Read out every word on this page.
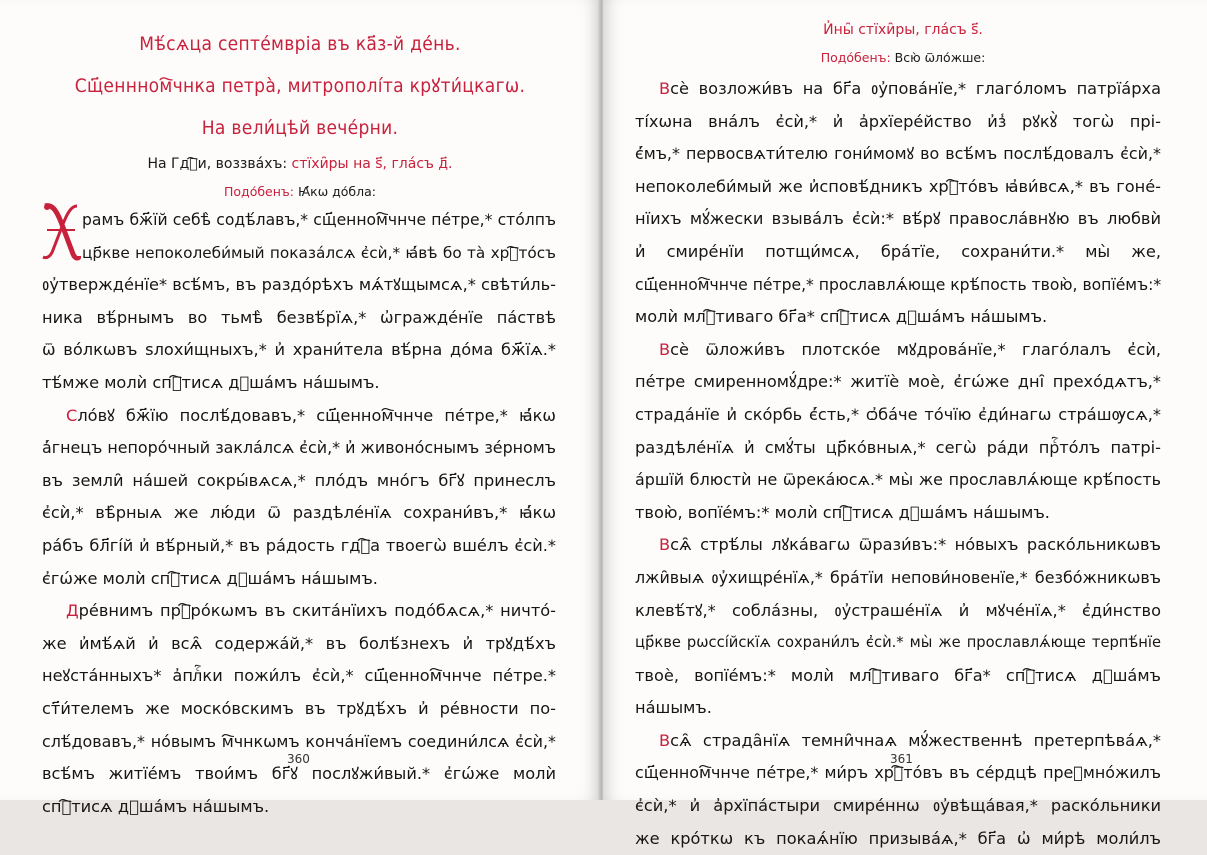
Мѣ́сѧца септе́мвріа въ ка҃з-й де́нь.
Сщ҃еннном҇чнка петра̀, митрополі́та крꙋти́цкагѡ.
На вели́цѣй вече́рни.
На Гдⷭ҇и, воззва́хъ: стїхи̑ры на ѕ҃, гла́съ д҃.
Подо́бенъ: Ꙗ҆́кѡ до́бла:
рамъ бж҃їй себѣ̀ содѣ́лавъ,* сщ҃енном҇чнче пе́тре,* сто́лпъ
цр҃кве непоколеби́мый показа́лсѧ є҆сѝ,* ꙗ҆́вѣ бо та̀ хрⷭ҇то́съ
ᲂу҆твержде́нїе* всѣ́мъ, въ раздо́рѣхъ мѧ́тꙋщымсѧ,* свѣти́ль-
ника вѣ́рнымъ во тьмѣ̀ безвѣ́рїѧ,* ѡ҆гражде́нїе па́ствѣ
ѿ во́лкѡвъ ѕлохи́щныхъ,* и҆ храни́тела вѣ́рна до́ма бж҃їѧ.*
тѣ́мже молѝ спⷭ҇тисѧ дꙋша́мъ на́шымъ.
Сло́вꙋ бж҃їю послѣ́довавъ,* сщ҃енном҇чнче пе́тре,* ꙗ҆́кѡ
а҆́гнецъ непоро́чный закла́лсѧ є҆сѝ,* и҆ живоно́снымъ зе́рномъ
въ земли̑ на́шей сокры́вѧсѧ,* пло́дъ мно́гъ бг҃ꙋ принеслъ
є҆сѝ,* вѣ̑рныѧ же лю́ди ѿ раздѣле́нїѧ сохрани́въ,* ꙗ҆́кѡ
ра́бъ бл҃гі́й и҆ вѣ́рный,* въ ра́дость гдⷭ҇а твоегѡ̀ вше́лъ є҆сѝ.*
є҆гѡ́же молѝ спⷭ҇тисѧ дꙋша́мъ на́шымъ.
Дре́внимъ прⷪ҇ро́кѡмъ въ скита́нїихъ подо́бѧсѧ,* ничто́-
же и҆мѣ́ѧй и҆ всѧ̑ содержа́й,* въ болѣ́знехъ и҆ трꙋдѣ́хъ
неꙋста́нныхъ* а҆плⷭ҇ки пожи́лъ є҆сѝ,* сщ҃енном҇чнче пе́тре.*
ст҃и́телемъ же моско́вскимъ въ трꙋдѣ́хъ и҆ ре́вности по-
слѣ́довавъ,* но́вымъ м҇чнкѡмъ конча́нїемъ соедини́лсѧ є҆сѝ,*
всѣ́мъ житїе́мъ твои́мъ бг҃ꙋ послꙋжи́вый.* є҆гѡ́же молѝ
спⷭ҇тисѧ дꙋша́мъ на́шымъ.
360
И҆ны̑ стїхи̑ры, гла́съ ѕ҃.
Подо́бенъ: Всю̀ ѿло́жше:
Всѐ возложи́въ на бг҃а ᲂу҆пова́нїе,* глаго́ломъ патрїа́рха
ті́хѡна вна́лъ є҆сѝ,* и҆ а҆рхїере́йство и҆з̾ рꙋкꙋ̀ тогѡ̀ прі-
є҆́мъ,* первосвѧти́телю гони́момꙋ во всѣ́мъ послѣ́довалъ є҆сѝ,*
непоколеби́мый же и҆сповѣ́дникъ хрⷭ҇то́въ ꙗ҆ви́всѧ,* въ гоне́-
нїихъ мꙋ́жески взыва́лъ є҆сѝ:* вѣ́рꙋ правосла́внꙋю въ любвѝ
и҆ смире́нїи потщи́мсѧ, бра́тїе, сохрани́ти.* мы̀ же,
сщ҃енном҇чнче пе́тре,* прославлѧ́юще крѣ́пость твою̀, вопїе́мъ:*
молѝ млⷭ҇тиваго бг҃а* спⷭ҇тисѧ дꙋша́мъ на́шымъ.
Всѐ ѿложи́въ плотско́е мꙋдрова́нїе,* глаго́лалъ є҆сѝ,
пе́тре смиренномꙋ́дре:* житїѐ моѐ, є҆гѡ́же дні̑ прехо́дѧтъ,*
страда́нїе и҆ ско́рбь є҆́сть,* ѻ҆ба́че то́чїю є҆ди́нагѡ стра́шѹсѧ,*
раздѣле́нїѧ и҆ смꙋ́ты цр҃ко́вныѧ,* сегѡ̀ ра́ди прⷭ҇то́лъ патрі-
а́ршїй блюстѝ не ѿрека́юсѧ.* мы̀ же прославлѧ́юще крѣ́пость
твою̀, вопїе́мъ:* молѝ спⷭ҇тисѧ дꙋша́мъ на́шымъ.
Всѧ̑ стрѣ́лы лꙋка́вагѡ ѿрази́въ:* но́выхъ раско́льникѡвъ
лжи̑выѧ ᲂу҆хищре́нїѧ,* бра́тїи непови́новенїе,* безбо́жникѡвъ
клевѣ́тꙋ,* собла́зны, ᲂу҆страше́нїѧ и҆ мꙋче́нїѧ,* є҆ди́нство
цр҃кве рѡссі́йскїѧ сохрани́лъ є҆сѝ.* мы̀ же прославлѧ́юще терпѣ́нїе
твоѐ, вопїе́мъ:* молѝ млⷭ҇тиваго бг҃а* спⷭ҇тисѧ дꙋша́мъ
на́шымъ.
Всѧ̑ страда̑нїѧ темни̑чнаѧ мꙋ́жественнѣ претерпѣва́ѧ,*
сщ҃енном҇чнче пе́тре,* ми́ръ хрⷭ҇то́въ въ се́рдцѣ преꙋмно́жилъ
є҆сѝ,* и҆ а҆рхїпа́стыри смире́ннѡ ᲂу҆вѣща́вая,* раско́льники
же кро́ткѡ къ покаѧ́нїю призыва́ѧ,* бг҃а ѡ҆ ми́рѣ моли́лъ
361
